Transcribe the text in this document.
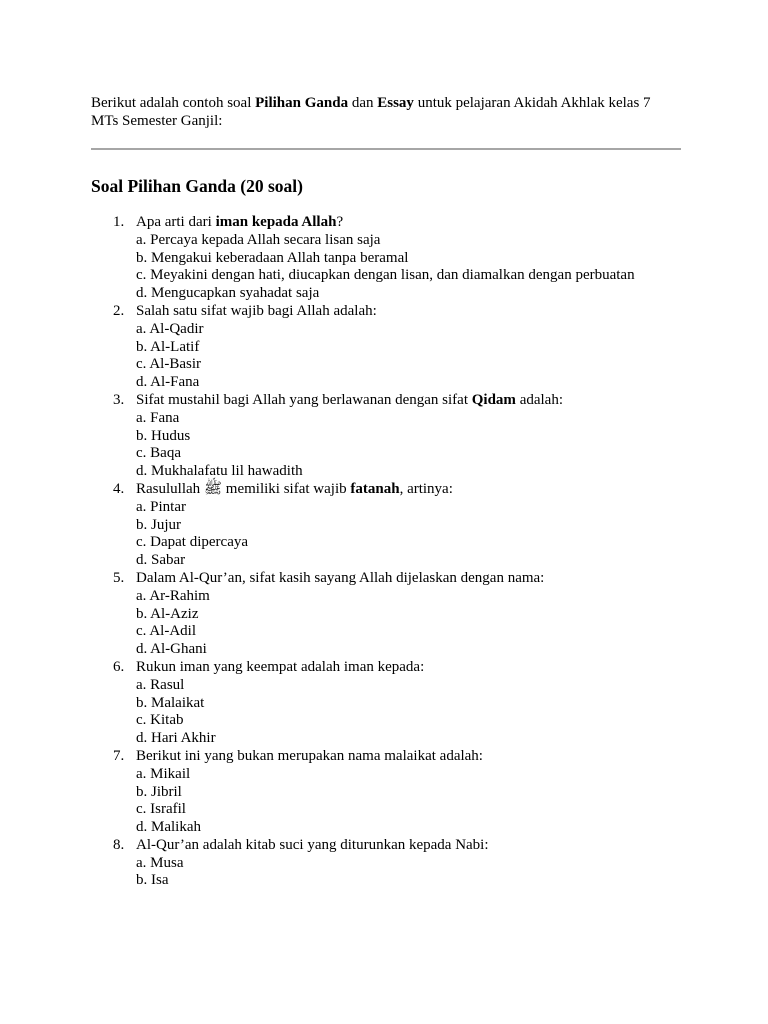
Berikut adalah contoh soal Pilihan Ganda dan Essay untuk pelajaran Akidah Akhlak kelas 7 MTs Semester Ganjil:

Soal Pilihan Ganda (20 soal)
1. Apa arti dari iman kepada Allah?
a. Percaya kepada Allah secara lisan saja
b. Mengakui keberadaan Allah tanpa beramal
c. Meyakini dengan hati, diucapkan dengan lisan, dan diamalkan dengan perbuatan
d. Mengucapkan syahadat saja
2. Salah satu sifat wajib bagi Allah adalah:
a. Al-Qadir
b. Al-Latif
c. Al-Basir
d. Al-Fana
3. Sifat mustahil bagi Allah yang berlawanan dengan sifat Qidam adalah:
a. Fana
b. Hudus
c. Baqa
d. Mukhalafatu lil hawadith
4. Rasulullah ﷺ memiliki sifat wajib fatanah, artinya:
a. Pintar
b. Jujur
c. Dapat dipercaya
d. Sabar
5. Dalam Al-Qur’an, sifat kasih sayang Allah dijelaskan dengan nama:
a. Ar-Rahim
b. Al-Aziz
c. Al-Adil
d. Al-Ghani
6. Rukun iman yang keempat adalah iman kepada:
a. Rasul
b. Malaikat
c. Kitab
d. Hari Akhir
7. Berikut ini yang bukan merupakan nama malaikat adalah:
a. Mikail
b. Jibril
c. Israfil
d. Malikah
8. Al-Qur’an adalah kitab suci yang diturunkan kepada Nabi:
a. Musa
b. Isa
